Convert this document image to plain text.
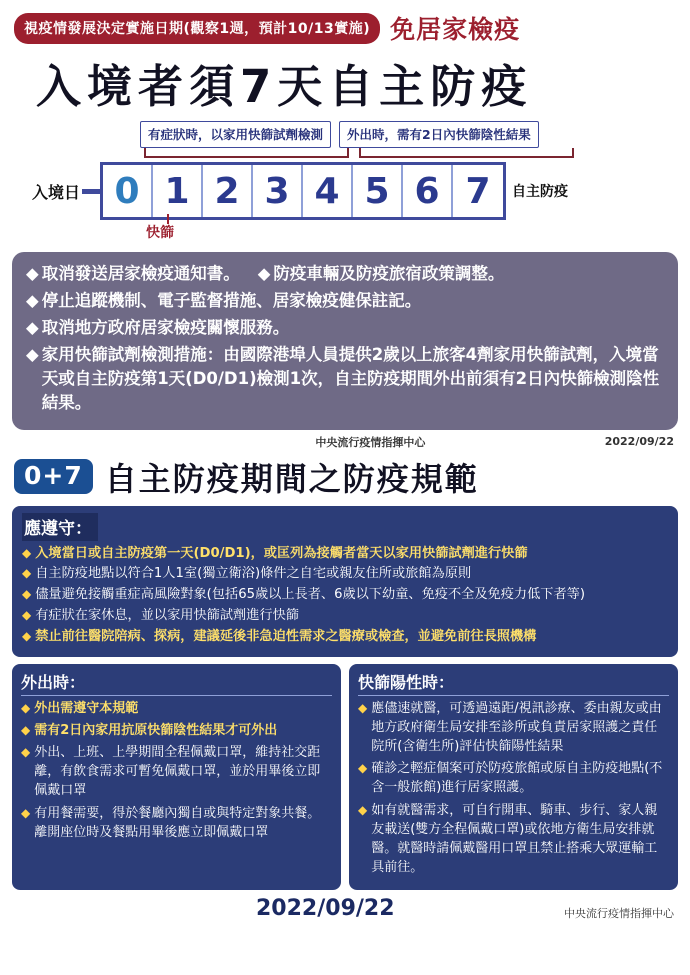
視疫情發展決定實施日期(觀察1週，預計10/13實施) 免居家檢疫
入境者須7天自主防疫
有症狀時，以家用快篩試劑檢測	外出時，需有2日內快篩陰性結果
入境日 0 1 2 3 4 5 6 7	自主防疫
快篩
◆ 取消發送居家檢疫通知書。 ◆ 防疫車輛及防疫旅宿政策調整。
◆ 停止追蹤機制、電子監督措施、居家檢疫健保註記。
◆ 取消地方政府居家檢疫關懷服務。
◆ 家用快篩試劑檢測措施：由國際港埠人員提供2歲以上旅客4劑家用快篩試劑，入境當天或自主防疫第1天(D0/D1)檢測1次，自主防疫期間外出前須有2日內快篩檢測陰性結果。
中央流行疫情指揮中心	2022/09/22
0+7 自主防疫期間之防疫規範
應遵守：
◆ 入境當日或自主防疫第一天(D0/D1)，或匡列為接觸者當天以家用快篩試劑進行快篩
◆ 自主防疫地點以符合1人1室(獨立衛浴)條件之自宅或親友住所或旅館為原則
◆ 儘量避免接觸重症高風險對象(包括65歲以上長者、6歲以下幼童、免疫不全及免疫力低下者等)
◆ 有症狀在家休息，並以家用快篩試劑進行快篩
◆ 禁止前往醫院陪病、探病，建議延後非急迫性需求之醫療或檢查，並避免前往長照機構
外出時：
◆ 外出需遵守本規範
◆ 需有2日內家用抗原快篩陰性結果才可外出
◆ 外出、上班、上學期間全程佩戴口罩，維持社交距離，有飲食需求可暫免佩戴口罩，並於用畢後立即佩戴口罩
◆ 有用餐需要，得於餐廳內獨自或與特定對象共餐。離開座位時及餐點用畢後應立即佩戴口罩
快篩陽性時：
◆ 應儘速就醫，可透過遠距/視訊診療、委由親友或由地方政府衛生局安排至診所或負責居家照護之責任院所(含衛生所)評估快篩陽性結果
◆ 確診之輕症個案可於防疫旅館或原自主防疫地點(不含一般旅館)進行居家照護。
◆ 如有就醫需求，可自行開車、騎車、步行、家人親友載送(雙方全程佩戴口罩)或依地方衛生局安排就醫。就醫時請佩戴醫用口罩且禁止搭乘大眾運輸工具前往。
2022/09/22	中央流行疫情指揮中心
